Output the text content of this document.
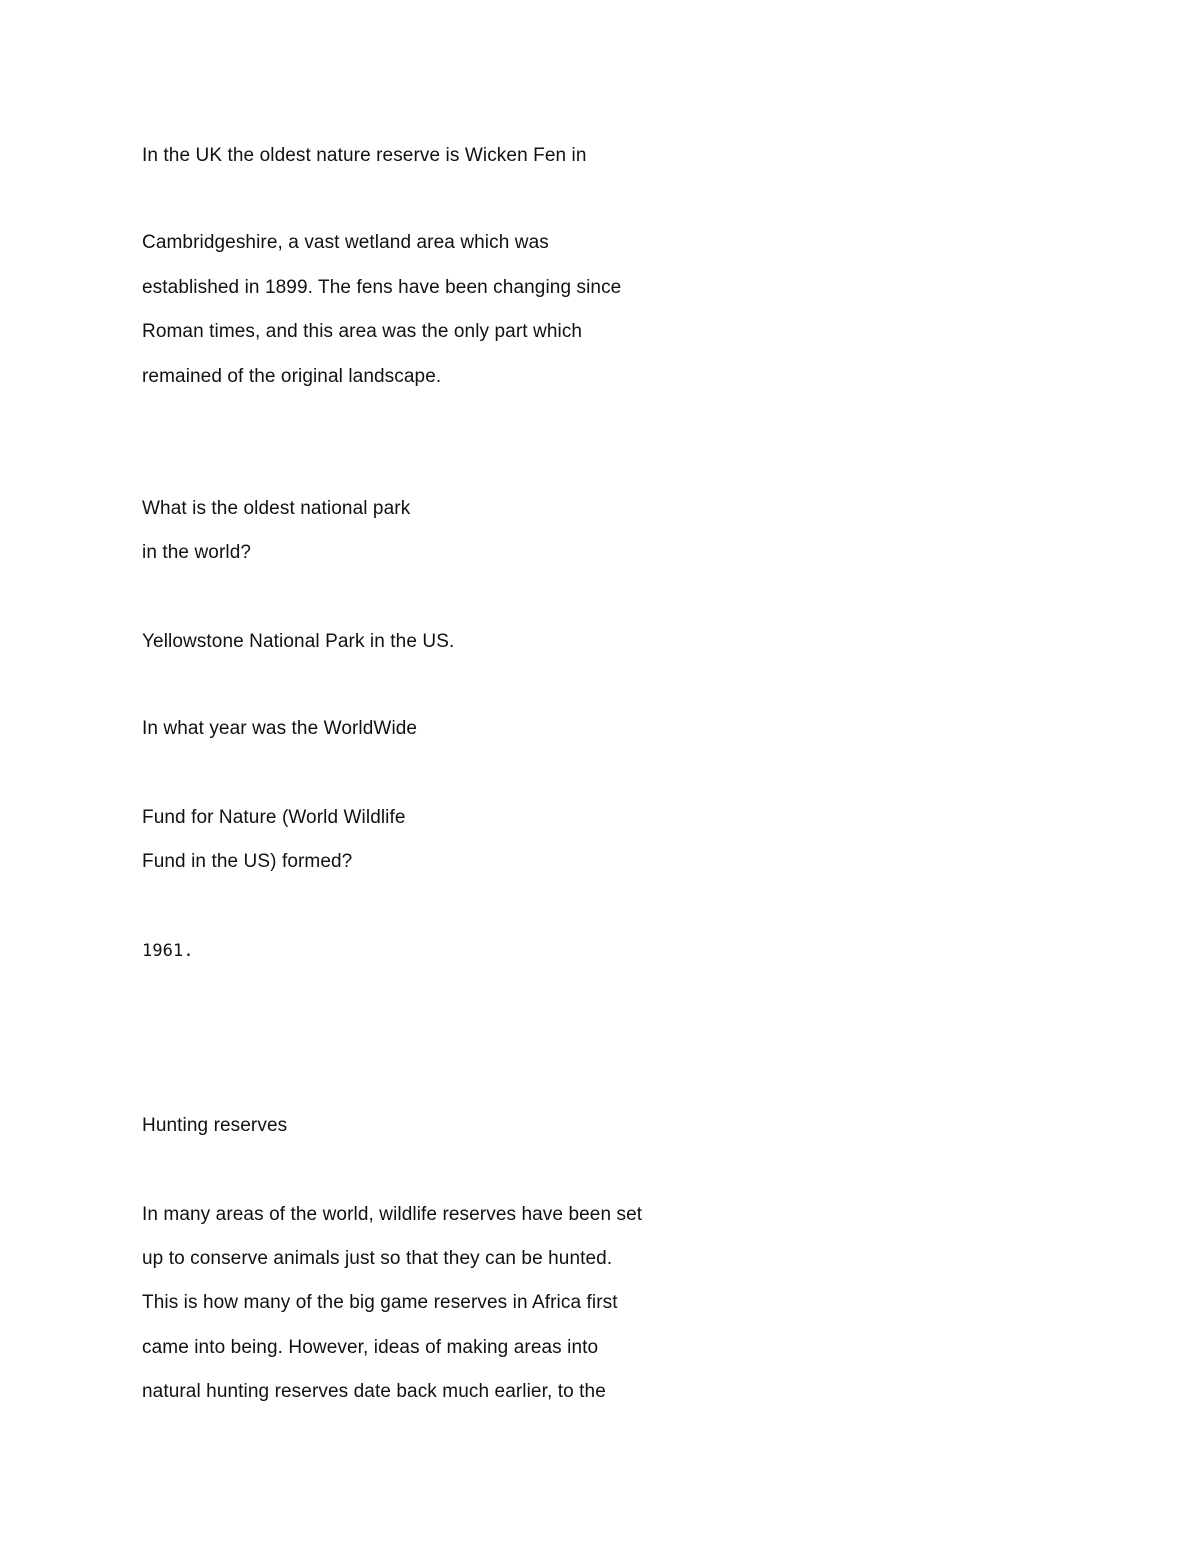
In the UK the oldest nature reserve is Wicken Fen in
Cambridgeshire, a vast wetland area which was
established in 1899. The fens have been changing since
Roman times, and this area was the only part which
remained of the original landscape.
What is the oldest national park
in the world?
Yellowstone National Park in the US.
In what year was the WorldWide
Fund for Nature (World Wildlife
Fund in the US) formed?
1961.
Hunting reserves
In many areas of the world, wildlife reserves have been set
up to conserve animals just so that they can be hunted.
This is how many of the big game reserves in Africa first
came into being. However, ideas of making areas into
natural hunting reserves date back much earlier, to the
